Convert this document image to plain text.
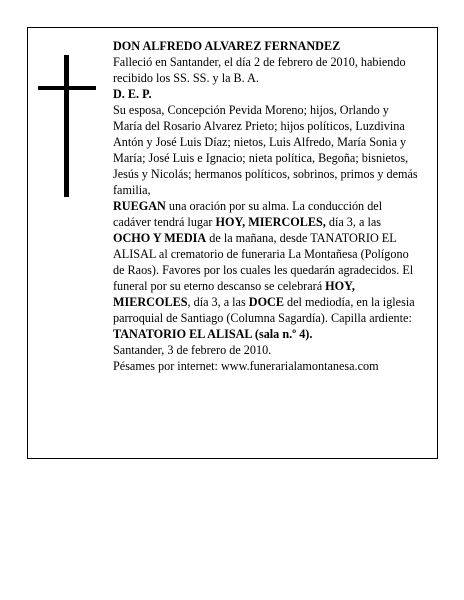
DON ALFREDO ALVAREZ FERNANDEZ

Falleció en Santander, el día 2 de febrero de 2010, habiendo recibido los SS. SS. y la B. A.

D. E. P.

Su esposa, Concepción Pevida Moreno; hijos, Orlando y María del Rosario Alvarez Prieto; hijos políticos, Luzdivina Antón y José Luis Díaz; nietos, Luis Alfredo, María Sonia y María; José Luis e Ignacio; nieta política, Begoña; bisnietos, Jesús y Nicolás; hermanos políticos, sobrinos, primos y demás familia,

RUEGAN una oración por su alma. La conducción del cadáver tendrá lugar HOY, MIERCOLES, día 3, a las OCHO Y MEDIA de la mañana, desde TANATORIO EL ALISAL al crematorio de funeraria La Montañesa (Polígono de Raos). Favores por los cuales les quedarán agradecidos. El funeral por su eterno descanso se celebrará HOY, MIERCOLES, día 3, a las DOCE del mediodía, en la iglesia parroquial de Santiago (Columna Sagardía). Capilla ardiente: TANATORIO EL ALISAL (sala n.º 4).

Santander, 3 de febrero de 2010.

Pésames por internet: www.funerarialamontanesa.com
